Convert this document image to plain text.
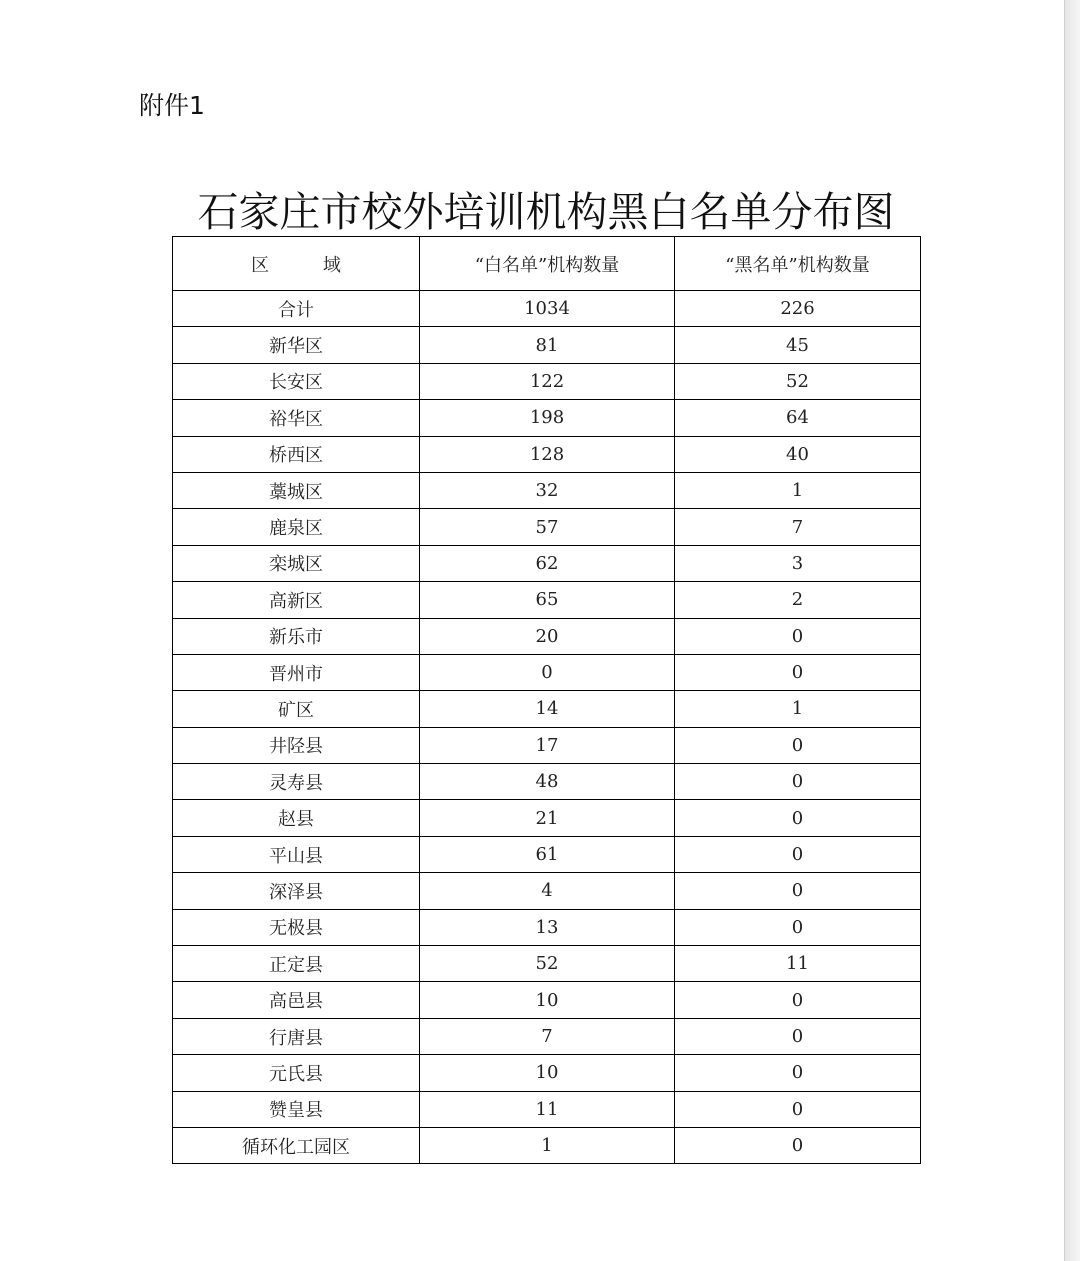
附件1
石家庄市校外培训机构黑白名单分布图
区 域	“白名单”机构数量	“黑名单”机构数量
合计	1034	226
新华区	81	45
长安区	122	52
裕华区	198	64
桥西区	128	40
藁城区	32	1
鹿泉区	57	7
栾城区	62	3
高新区	65	2
新乐市	20	0
晋州市	0	0
矿区	14	1
井陉县	17	0
灵寿县	48	0
赵县	21	0
平山县	61	0
深泽县	4	0
无极县	13	0
正定县	52	11
高邑县	10	0
行唐县	7	0
元氏县	10	0
赞皇县	11	0
循环化工园区	1	0
